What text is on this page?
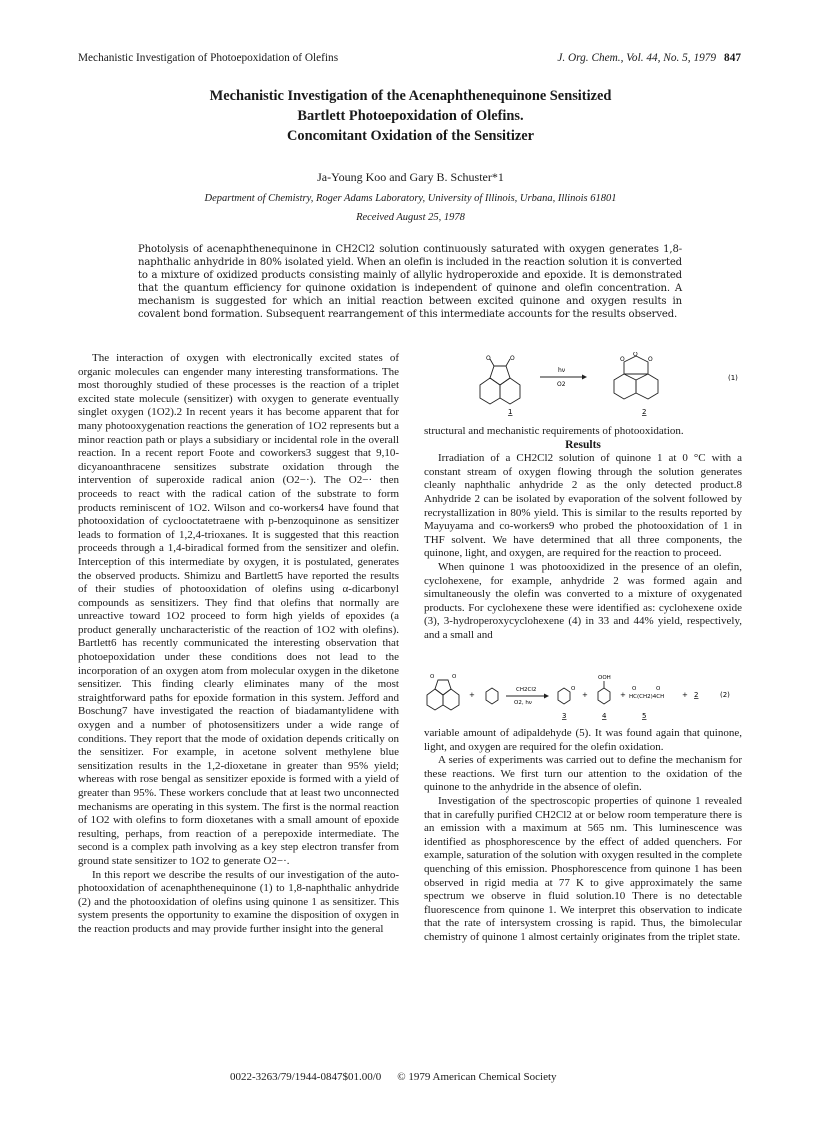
Mechanistic Investigation of Photoepoxidation of Olefins	J. Org. Chem., Vol. 44, No. 5, 1979 847
Mechanistic Investigation of the Acenaphthenequinone Sensitized
Bartlett Photoepoxidation of Olefins.
Concomitant Oxidation of the Sensitizer
Ja-Young Koo and Gary B. Schuster*1
Department of Chemistry, Roger Adams Laboratory, University of Illinois, Urbana, Illinois 61801
Received August 25, 1978
Photolysis of acenaphthenequinone in CH2Cl2 solution continuously saturated with oxygen generates 1,8-naphthalic anhydride in 80% isolated yield. When an olefin is included in the reaction solution it is converted to a mixture of oxidized products consisting mainly of allylic hydroperoxide and epoxide. It is demonstrated that the quantum efficiency for quinone oxidation is independent of quinone and olefin concentration. A mechanism is suggested for which an initial reaction between excited quinone and oxygen results in covalent bond formation. Subsequent rearrangement of this intermediate accounts for the results observed.

The interaction of oxygen with electronically excited states of organic molecules can engender many interesting transformations. The most thoroughly studied of these processes is the reaction of a triplet excited state molecule (sensitizer) with oxygen to generate eventually singlet oxygen (1O2).2 In recent years it has become apparent that for many photooxygenation reactions the generation of 1O2 represents but a minor reaction path or plays a subsidiary or incidental role in the overall reaction. In a recent report Foote and coworkers3 suggest that 9,10-dicyanoanthracene sensitizes substrate oxidation through the intervention of superoxide radical anion (O2−·). The O2−· then proceeds to react with the radical cation of the substrate to form products reminiscent of 1O2. Wilson and co-workers4 have found that photooxidation of cyclooctatetraene with p-benzoquinone as sensitizer leads to formation of 1,2,4-trioxanes. It is suggested that this reaction proceeds through a 1,4-biradical formed from the sensitizer and olefin. Interception of this intermediate by oxygen, it is postulated, generates the observed products. Shimizu and Bartlett5 have reported the results of their studies of photooxidation of olefins using α-dicarbonyl compounds as sensitizers. They find that olefins that normally are unreactive toward 1O2 proceed to form high yields of epoxides (a product generally uncharacteristic of the reaction of 1O2 with olefins). Bartlett6 has recently communicated the interesting observation that photoepoxidation under these conditions does not lead to the incorporation of an oxygen atom from molecular oxygen in the diketone sensitizer. This finding clearly eliminates many of the most straightforward paths for epoxide formation in this system. Jefford and Boschung7 have investigated the reaction of biadamantylidene with oxygen and a number of photosensitizers under a wide range of conditions. They report that the mode of oxidation depends critically on the sensitizer. For example, in acetone solvent methylene blue sensitization results in the 1,2-dioxetane in greater than 95% yield; whereas with rose bengal as sensitizer epoxide is formed with a yield of greater than 95%. These workers conclude that at least two unconnected mechanisms are operating in this system. The first is the normal reaction of 1O2 with olefins to form dioxetanes with a small amount of epoxide resulting, perhaps, from reaction of a perepoxide intermediate. The second is a complex path involving as a key step electron transfer from ground state sensitizer to 1O2 to generate O2−·.

In this report we describe the results of our investigation of the auto-photooxidation of acenaphthenequinone (1) to 1,8-naphthalic anhydride (2) and the photooxidation of olefins using quinone 1 as sensitizer. This system presents the opportunity to examine the disposition of oxygen in the reaction products and may provide further insight into the general

O	O
hν
O2
O
O
O
(1)
1	2

structural and mechanistic requirements of photooxidation.

Results

Irradiation of a CH2Cl2 solution of quinone 1 at 0 °C with a constant stream of oxygen flowing through the solution generates cleanly naphthalic anhydride 2 as the only detected product.8 Anhydride 2 can be isolated by evaporation of the solvent followed by recrystallization in 80% yield. This is similar to the results reported by Mayuyama and co-workers9 who probed the photooxidation of 1 in THF solvent. We have determined that all three components, the quinone, light, and oxygen, are required for the reaction to proceed.

When quinone 1 was photooxidized in the presence of an olefin, cyclohexene, for example, anhydride 2 was formed again and simultaneously the olefin was converted to a mixture of oxygenated products. For cyclohexene these were identified as: cyclohexene oxide (3), 3-hydroperoxycyclohexene (4) in 33 and 44% yield, respectively, and a small and

O	O
+
CH2Cl2
O2, hν
O
+
OOH
+
O	O
HC(CH2)4CH	+ 2	(2)
3	4	5

variable amount of adipaldehyde (5). It was found again that quinone, light, and oxygen are required for the olefin oxidation.

A series of experiments was carried out to define the mechanism for these reactions. We first turn our attention to the oxidation of the quinone to the anhydride in the absence of olefin.

Investigation of the spectroscopic properties of quinone 1 revealed that in carefully purified CH2Cl2 at or below room temperature there is an emission with a maximum at 565 nm. This luminescence was identified as phosphorescence by the effect of added quenchers. For example, saturation of the solution with oxygen resulted in the complete quenching of this emission. Phosphorescence from quinone 1 has been observed in rigid media at 77 K to give approximately the same spectrum we observe in fluid solution.10 There is no detectable fluorescence from quinone 1. We interpret this observation to indicate that the rate of intersystem crossing is rapid. Thus, the bimolecular chemistry of quinone 1 almost certainly originates from the triplet state.

0022-3263/79/1944-0847$01.00/0 © 1979 American Chemical Society
